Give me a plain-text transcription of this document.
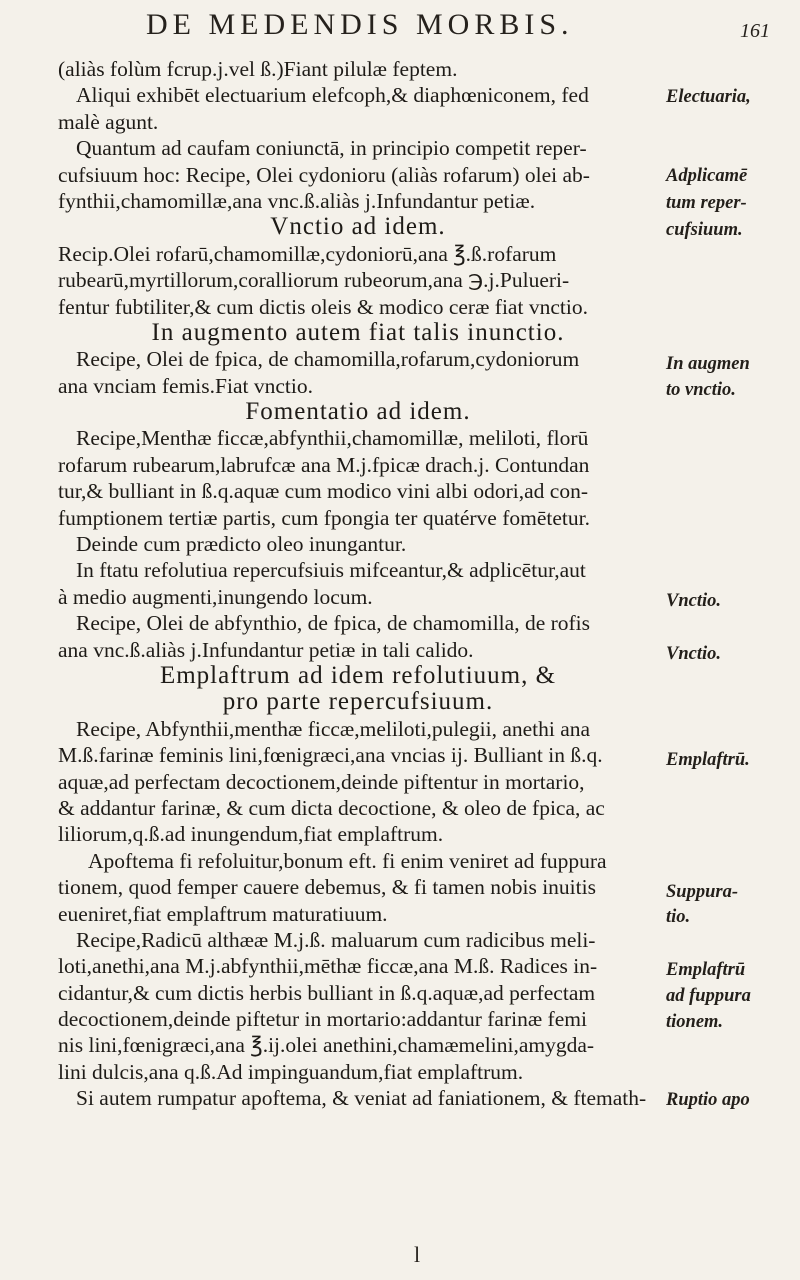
DE MEDENDIS MORBIS.	161
(aliàs folùm fcrup.j.vel ß.)Fiant pilulæ feptem.
Aliqui exhibēt electuarium elefcoph,& diaphœniconem, fed
malè agunt.
Quantum ad caufam coniunctā, in principio competit reper-
cufsiuum hoc: Recipe, Olei cydonioru (aliàs rofarum) olei ab-
fynthii,chamomillæ,ana vnc.ß.aliàs j.Infundantur petiæ.
Vnctio ad idem.
Recip.Olei rofarū,chamomillæ,cydoniorū,ana ℥.ß.rofarum
rubearū,myrtillorum,coralliorum rubeorum,ana ℈.j.Pulueri-
fentur fubtiliter,& cum dictis oleis & modico ceræ fiat vnctio.
In augmento autem fiat talis inunctio.
Recipe, Olei de fpica, de chamomilla,rofarum,cydoniorum
ana vnciam femis.Fiat vnctio.
Fomentatio ad idem.
Recipe,Menthæ ficcæ,abfynthii,chamomillæ, meliloti, florū
rofarum rubearum,labrufcæ ana M.j.fpicæ drach.j. Contundan
tur,& bulliant in ß.q.aquæ cum modico vini albi odori,ad con-
fumptionem tertiæ partis, cum fpongia ter quatérve fomētetur.
Deinde cum prædicto oleo inungantur.
In ftatu refolutiua repercufsiuis mifceantur,& adplicētur,aut
à medio augmenti,inungendo locum.
Recipe, Olei de abfynthio, de fpica, de chamomilla, de rofis
ana vnc.ß.aliàs j.Infundantur petiæ in tali calido.
Emplaftrum ad idem refolutiuum, &
pro parte repercufsiuum.
Recipe, Abfynthii,menthæ ficcæ,meliloti,pulegii, anethi ana
M.ß.farinæ feminis lini,fœnigræci,ana vncias ij. Bulliant in ß.q.
aquæ,ad perfectam decoctionem,deinde piftentur in mortario,
& addantur farinæ, & cum dicta decoctione, & oleo de fpica, ac
liliorum,q.ß.ad inungendum,fiat emplaftrum.
Apoftema fi refoluitur,bonum eft. fi enim veniret ad fuppura
tionem, quod femper cauere debemus, & fi tamen nobis inuitis
eueniret,fiat emplaftrum maturatiuum.
Recipe,Radicū althææ M.j.ß. maluarum cum radicibus meli-
loti,anethi,ana M.j.abfynthii,mēthæ ficcæ,ana M.ß. Radices in-
cidantur,& cum dictis herbis bulliant in ß.q.aquæ,ad perfectam
decoctionem,deinde piftetur in mortario:addantur farinæ femi
nis lini,fœnigræci,ana ℥.ij.olei anethini,chamæmelini,amygda-
lini dulcis,ana q.ß.Ad impinguandum,fiat emplaftrum.
Si autem rumpatur apoftema, & veniat ad faniationem, & ftemath-
Electuaria,
Adplicamē
tum reper-
cufsiuum.
In augmen
to vnctio.
Vnctio.
Vnctio.
Emplaftrū.
Suppura-
tio.
Emplaftrū
ad fuppura
tionem.
Ruptio apo
l
